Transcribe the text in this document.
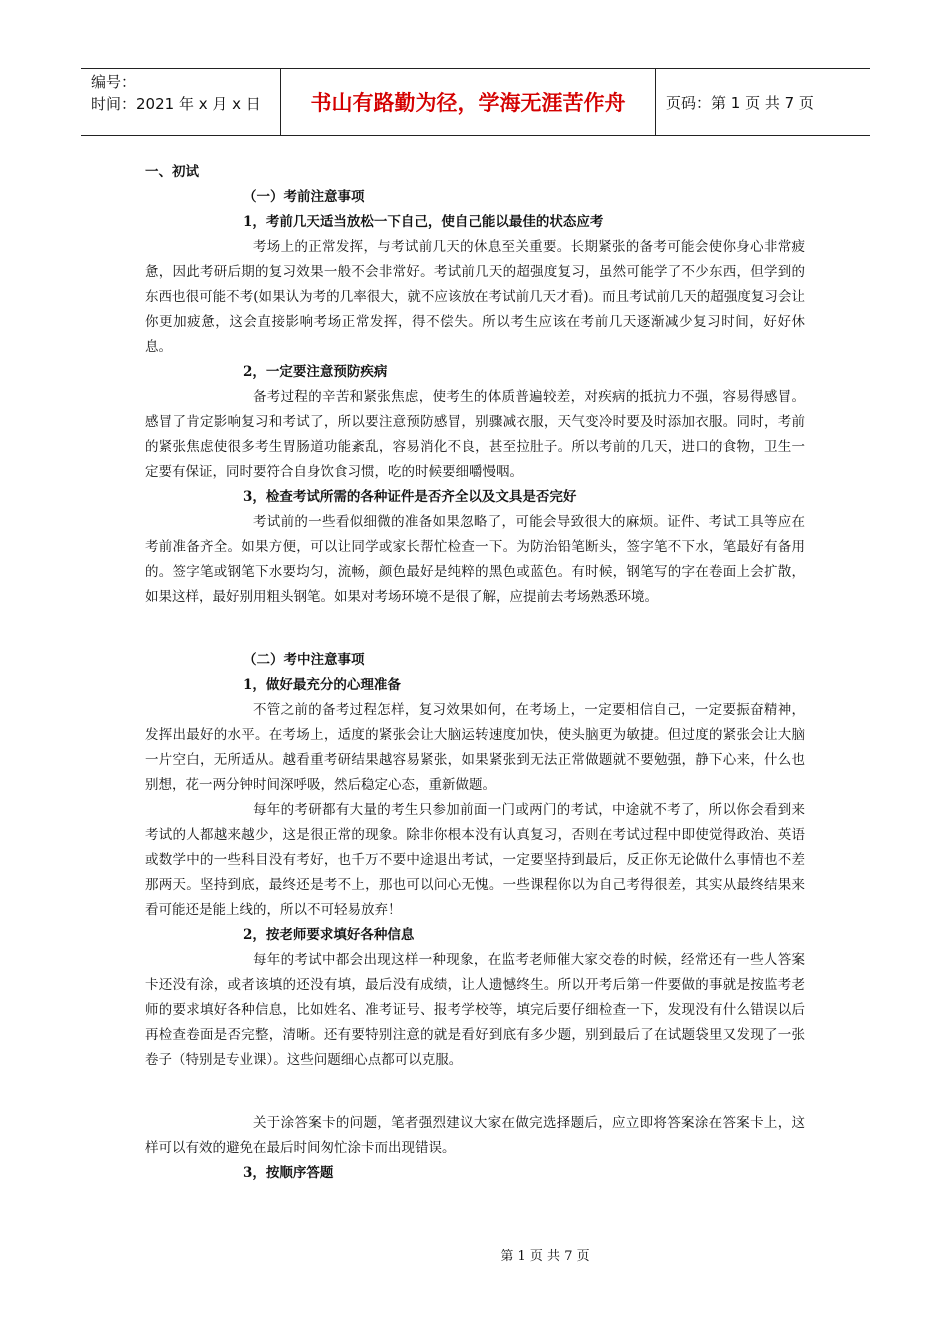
编号：
时间：2021 年 x 月 x 日	书山有路勤为径，学海无涯苦作舟	页码：第 1 页 共 7 页
一、初试
（一）考前注意事项
1，考前几天适当放松一下自己，使自己能以最佳的状态应考

考场上的正常发挥，与考试前几天的休息至关重要。长期紧张的备考可能会使你身心非常疲惫，因此考研后期的复习效果一般不会非常好。考试前几天的超强度复习，虽然可能学了不少东西，但学到的东西也很可能不考(如果认为考的几率很大，就不应该放在考试前几天才看)。而且考试前几天的超强度复习会让你更加疲惫，这会直接影响考场正常发挥，得不偿失。所以考生应该在考前几天逐渐减少复习时间，好好休息。

2，一定要注意预防疾病

备考过程的辛苦和紧张焦虑，使考生的体质普遍较差，对疾病的抵抗力不强，容易得感冒。感冒了肯定影响复习和考试了，所以要注意预防感冒，别骤减衣服，天气变冷时要及时添加衣服。同时，考前的紧张焦虑使很多考生胃肠道功能紊乱，容易消化不良，甚至拉肚子。所以考前的几天，进口的食物，卫生一定要有保证，同时要符合自身饮食习惯，吃的时候要细嚼慢咽。

3，检查考试所需的各种证件是否齐全以及文具是否完好

考试前的一些看似细微的准备如果忽略了，可能会导致很大的麻烦。证件、考试工具等应在考前准备齐全。如果方便，可以让同学或家长帮忙检查一下。为防治铅笔断头，签字笔不下水，笔最好有备用的。签字笔或钢笔下水要均匀，流畅，颜色最好是纯粹的黑色或蓝色。有时候，钢笔写的字在卷面上会扩散，如果这样，最好别用粗头钢笔。如果对考场环境不是很了解，应提前去考场熟悉环境。

（二）考中注意事项
1，做好最充分的心理准备

不管之前的备考过程怎样，复习效果如何，在考场上，一定要相信自己，一定要振奋精神，发挥出最好的水平。在考场上，适度的紧张会让大脑运转速度加快，使头脑更为敏捷。但过度的紧张会让大脑一片空白，无所适从。越看重考研结果越容易紧张，如果紧张到无法正常做题就不要勉强，静下心来，什么也别想，花一两分钟时间深呼吸，然后稳定心态，重新做题。

每年的考研都有大量的考生只参加前面一门或两门的考试，中途就不考了，所以你会看到来考试的人都越来越少，这是很正常的现象。除非你根本没有认真复习，否则在考试过程中即使觉得政治、英语或数学中的一些科目没有考好，也千万不要中途退出考试，一定要坚持到最后，反正你无论做什么事情也不差那两天。坚持到底，最终还是考不上，那也可以问心无愧。一些课程你以为自己考得很差，其实从最终结果来看可能还是能上线的，所以不可轻易放弃！

2，按老师要求填好各种信息

每年的考试中都会出现这样一种现象，在监考老师催大家交卷的时候，经常还有一些人答案卡还没有涂，或者该填的还没有填，最后没有成绩，让人遗憾终生。所以开考后第一件要做的事就是按监考老师的要求填好各种信息，比如姓名、准考证号、报考学校等，填完后要仔细检查一下，发现没有什么错误以后再检查卷面是否完整，清晰。还有要特别注意的就是看好到底有多少题，别到最后了在试题袋里又发现了一张卷子（特别是专业课）。这些问题细心点都可以克服。

关于涂答案卡的问题，笔者强烈建议大家在做完选择题后，应立即将答案涂在答案卡上，这样可以有效的避免在最后时间匆忙涂卡而出现错误。

3，按顺序答题
第 1 页 共 7 页
